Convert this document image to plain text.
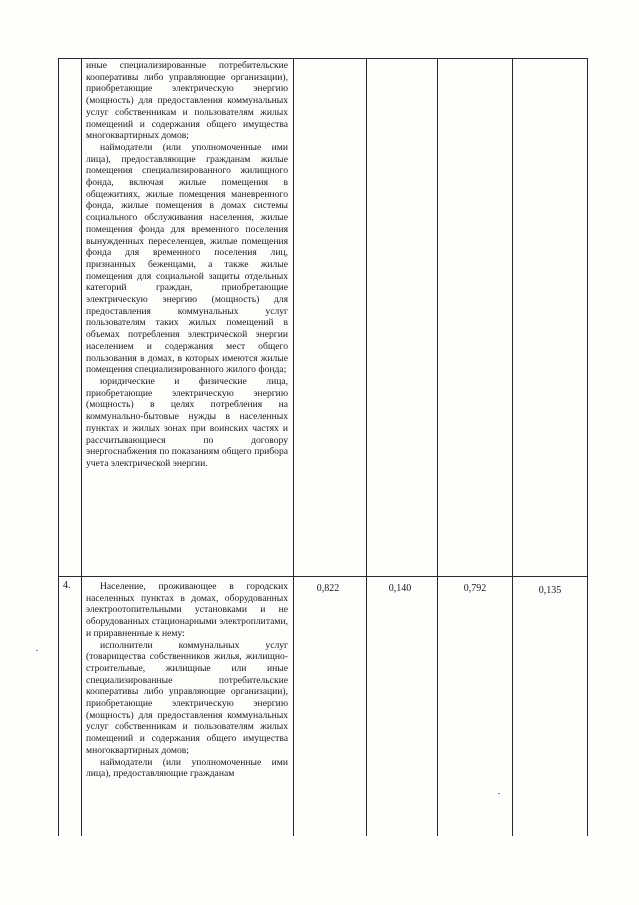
иные специализированные потребительские кооперативы либо управляющие организации), приобретающие электрическую энергию (мощность) для предоставления коммунальных услуг собственникам и пользователям жилых помещений и содержания общего имущества многоквартирных домов;

наймодатели (или уполномоченные ими лица), предоставляющие гражданам жилые помещения специализированного жилищного фонда, включая жилые помещения в общежитиях, жилые помещения маневренного фонда, жилые помещения в домах системы социального обслуживания населения, жилые помещения фонда для временного поселения вынужденных переселенцев, жилые помещения фонда для временного поселения лиц, признанных беженцами, а также жилые помещения для социальной защиты отдельных категорий граждан, приобретающие электрическую энергию (мощность) для предоставления коммунальных услуг пользователям таких жилых помещений в объемах потребления электрической энергии населением и содержания мест общего пользования в домах, в которых имеются жилые помещения специализированного жилого фонда;

юридические и физические лица, приобретающие электрическую энергию (мощность) в целях потребления на коммунально-бытовые нужды в населенных пунктах и жилых зонах при воинских частях и рассчитывающиеся по договору энергоснабжения по показаниям общего прибора учета электрической энергии.

4.	Население, проживающее в городских населенных пунктах в домах, оборудованных электроотопительными установками и не оборудованных стационарными электроплитами, и приравненные к нему:

исполнители коммунальных услуг (товарищества собственников жилья, жилищно-строительные, жилищные или иные специализированные потребительские кооперативы либо управляющие организации), приобретающие электрическую энергию (мощность) для предоставления коммунальных услуг собственникам и пользователям жилых помещений и содержания общего имущества многоквартирных домов;

наймодатели (или уполномоченные ими лица), предоставляющие гражданам

0,822	0,140	0,792	0,135
